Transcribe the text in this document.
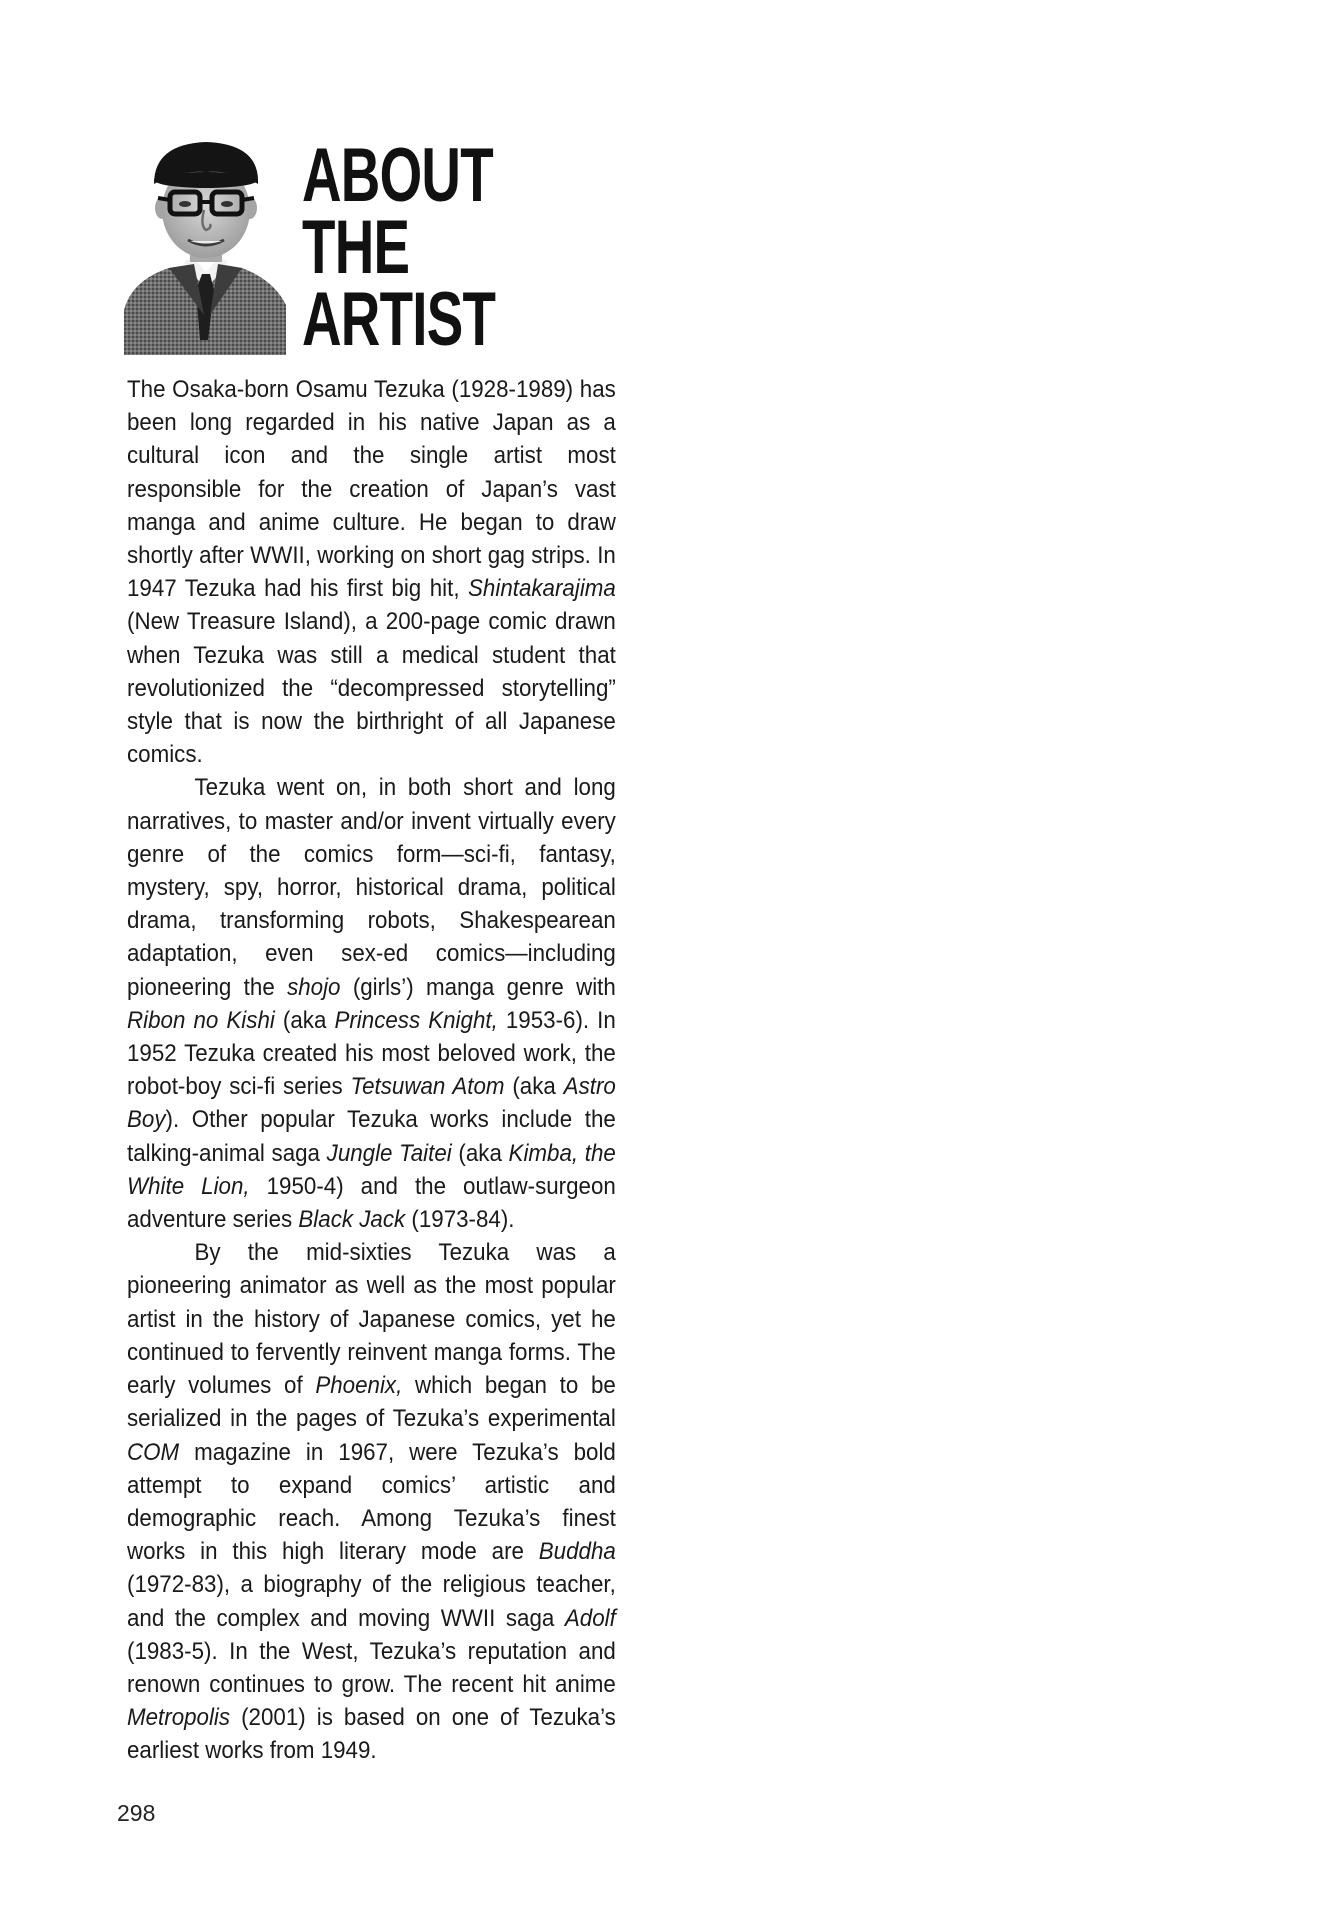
ABOUT THE
ARTIST

The Osaka-born Osamu Tezuka (1928-1989) has been long regarded in his native Japan as a cultural icon and the single artist most responsible for the creation of Japan’s vast manga and anime culture. He began to draw shortly after WWII, working on short gag strips. In 1947 Tezuka had his first big hit, Shintakarajima (New Treasure Island), a 200-page comic drawn when Tezuka was still a medical student that revolutionized the “decompressed storytelling” style that is now the birthright of all Japanese comics.

Tezuka went on, in both short and long narratives, to master and/or invent virtually every genre of the comics form—sci-fi, fantasy, mystery, spy, horror, historical drama, political drama, transforming robots, Shakespearean adaptation, even sex-ed comics—including pioneering the shojo (girls’) manga genre with Ribon no Kishi (aka Princess Knight, 1953-6). In 1952 Tezuka created his most beloved work, the robot-boy sci-fi series Tetsuwan Atom (aka Astro Boy). Other popular Tezuka works include the talking-animal saga Jungle Taitei (aka Kimba, the White Lion, 1950-4) and the outlaw-surgeon adventure series Black Jack (1973-84).

By the mid-sixties Tezuka was a pioneering animator as well as the most popular artist in the history of Japanese comics, yet he continued to fervently reinvent manga forms. The early volumes of Phoenix, which began to be serialized in the pages of Tezuka’s experimental COM magazine in 1967, were Tezuka’s bold attempt to expand comics’ artistic and demographic reach. Among Tezuka’s finest works in this high literary mode are Buddha (1972-83), a biography of the religious teacher, and the complex and moving WWII saga Adolf (1983-5). In the West, Tezuka’s reputation and renown continues to grow. The recent hit anime Metropolis (2001) is based on one of Tezuka’s earliest works from 1949.

298
